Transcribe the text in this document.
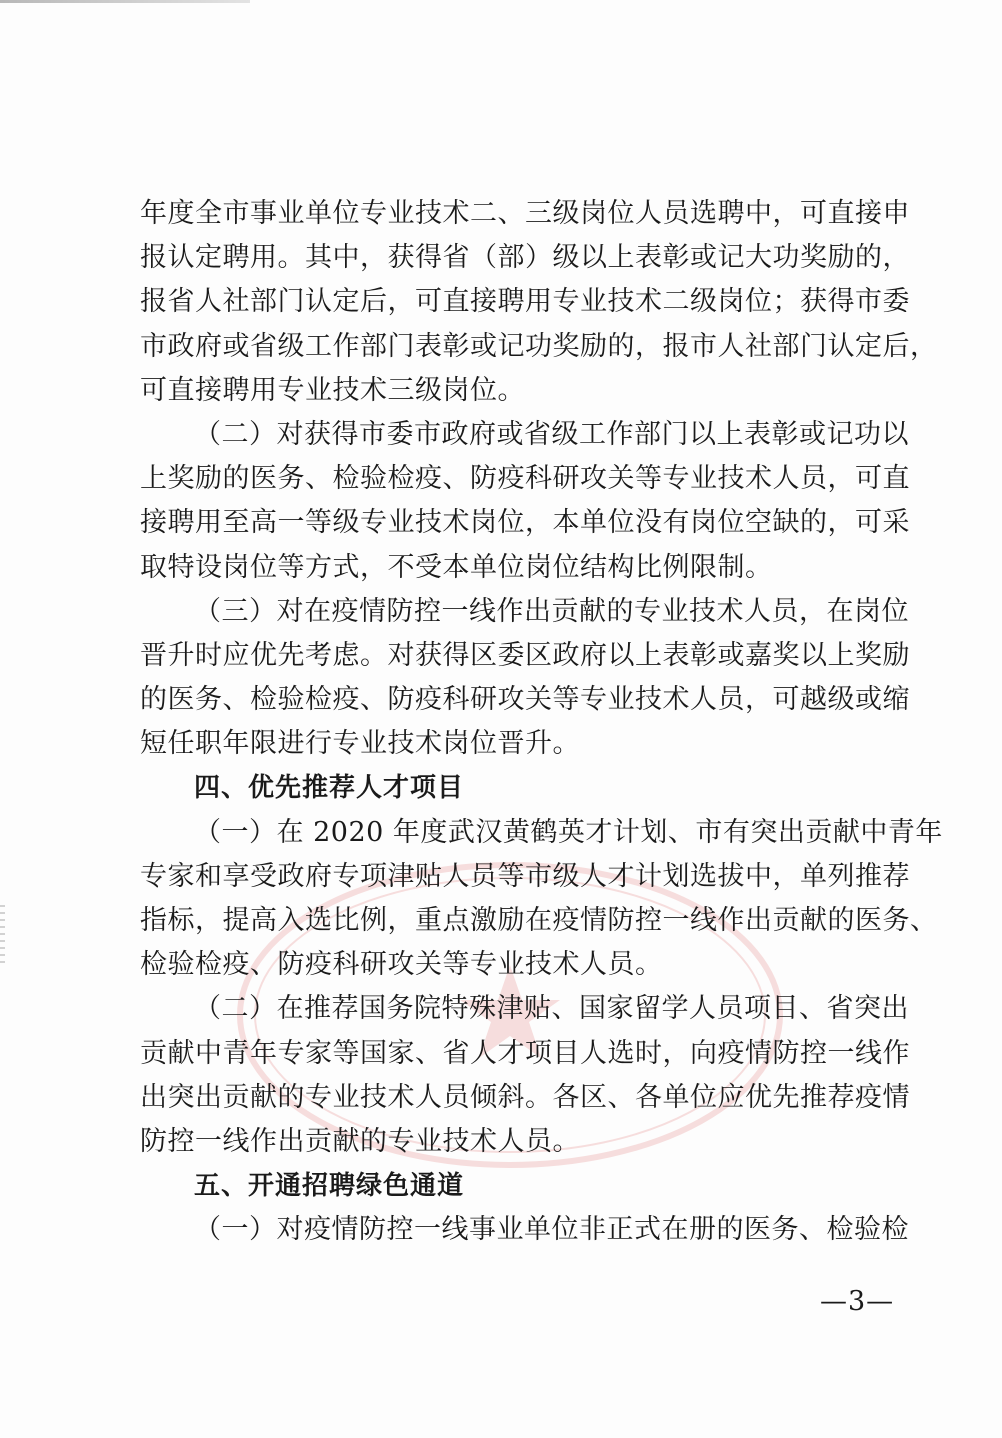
年度全市事业单位专业技术二、三级岗位人员选聘中，可直接申
报认定聘用。其中，获得省（部）级以上表彰或记大功奖励的，
报省人社部门认定后，可直接聘用专业技术二级岗位；获得市委
市政府或省级工作部门表彰或记功奖励的，报市人社部门认定后，
可直接聘用专业技术三级岗位。
（二）对获得市委市政府或省级工作部门以上表彰或记功以
上奖励的医务、检验检疫、防疫科研攻关等专业技术人员，可直
接聘用至高一等级专业技术岗位，本单位没有岗位空缺的，可采
取特设岗位等方式，不受本单位岗位结构比例限制。
（三）对在疫情防控一线作出贡献的专业技术人员，在岗位
晋升时应优先考虑。对获得区委区政府以上表彰或嘉奖以上奖励
的医务、检验检疫、防疫科研攻关等专业技术人员，可越级或缩
短任职年限进行专业技术岗位晋升。
四、优先推荐人才项目
（一）在 2020 年度武汉黄鹤英才计划、市有突出贡献中青年
专家和享受政府专项津贴人员等市级人才计划选拔中，单列推荐
指标，提高入选比例，重点激励在疫情防控一线作出贡献的医务、
检验检疫、防疫科研攻关等专业技术人员。
（二）在推荐国务院特殊津贴、国家留学人员项目、省突出
贡献中青年专家等国家、省人才项目人选时，向疫情防控一线作
出突出贡献的专业技术人员倾斜。各区、各单位应优先推荐疫情
防控一线作出贡献的专业技术人员。
五、开通招聘绿色通道
（一）对疫情防控一线事业单位非正式在册的医务、检验检
—3—
